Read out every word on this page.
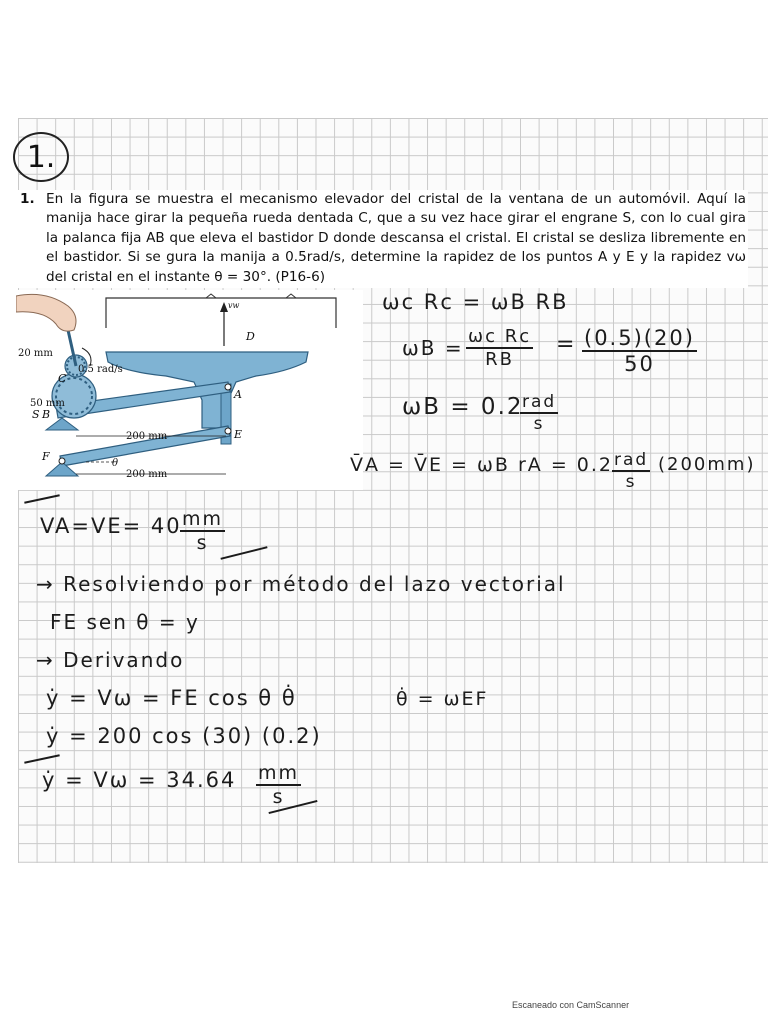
1.
1. En la figura se muestra el mecanismo elevador del cristal de la ventana de un automóvil. Aquí la manija hace girar la pequeña rueda dentada C, que a su vez hace girar el engrane S, con lo cual gira la palanca fija AB que eleva el bastidor D donde descansa el cristal. El cristal se desliza libremente en el bastidor. Si se gura la manija a 0.5rad/s, determine la rapidez de los puntos A y E y la rapidez vω del cristal en el instante θ = 30°. (P16-6)
20 mm
0.5 rad/s
C
50 mm
S B
A
D
E
F
θ
200 mm
200 mm
vw	ωc Rc = ωB RB
$\omega B = \frac{\text{ωc Rc}}{RB} = \frac{(0.5)(20)}{50}$
ωB = 0.2
rad
s
V̄A = V̄E = ωB rA = 0.2 rad
s
(200mm)
VA=VE= 40
$\frac{mm}{s}$
→ Resolviendo por método del lazo vectorial
FE sen θ = y
→ Derivando
ẏ = Vω = FE cos θ θ̇	θ̇ = ωEF
ẏ = 200 cos (30) (0.2)
ẏ = $V\omega = 34.64 \frac{mm}{s}$
Escaneado con CamScanner
